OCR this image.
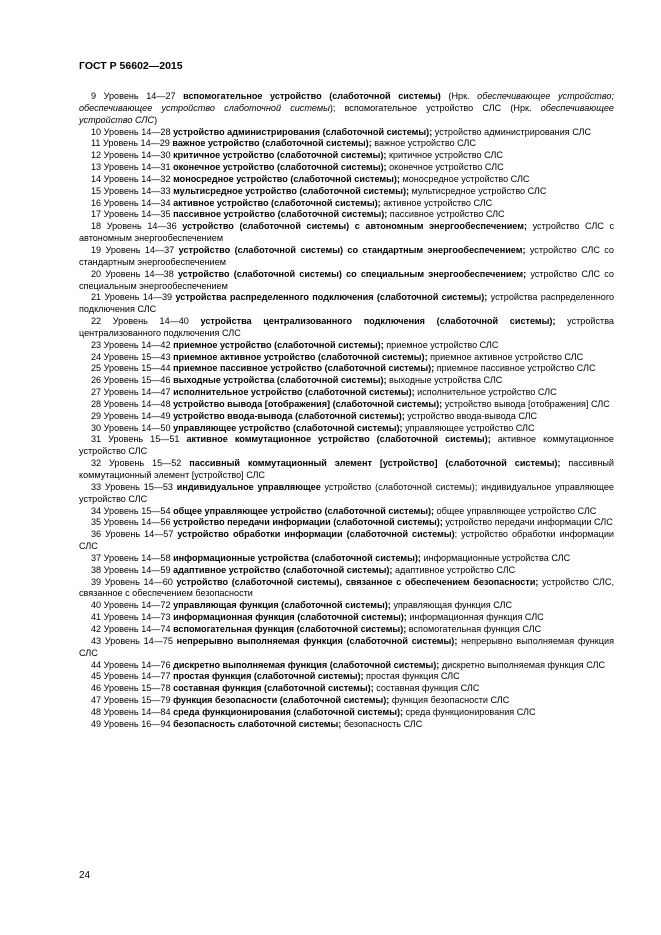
ГОСТ Р 56602—2015
9 Уровень 14—27 вспомогательное устройство (слаботочной системы) (Нрк. обеспечивающее устройство; обеспечивающее устройство слаботочной системы); вспомогательное устройство СЛС (Нрк. обеспечивающее устройство СЛС)
10 Уровень 14—28 устройство администрирования (слаботочной системы); устройство администрирования СЛС
11 Уровень 14—29 важное устройство (слаботочной системы); важное устройство СЛС
12 Уровень 14—30 критичное устройство (слаботочной системы); критичное устройство СЛС
13 Уровень 14—31 оконечное устройство (слаботочной системы); оконечное устройство СЛС
14 Уровень 14—32 моносредное устройство (слаботочной системы); моносредное устройство СЛС
15 Уровень 14—33 мультисредное устройство (слаботочной системы); мультисредное устройство СЛС
16 Уровень 14—34 активное устройство (слаботочной системы); активное устройство СЛС
17 Уровень 14—35 пассивное устройство (слаботочной системы); пассивное устройство СЛС
18 Уровень 14—36 устройство (слаботочной системы) с автономным энергообеспечением; устройство СЛС с автономным энергообеспечением
19 Уровень 14—37 устройство (слаботочной системы) со стандартным энергообеспечением; устройство СЛС со стандартным энергообеспечением
20 Уровень 14—38 устройство (слаботочной системы) со специальным энергообеспечением; устройство СЛС со специальным энергообеспечением
21 Уровень 14—39 устройства распределенного подключения (слаботочной системы); устройства распределенного подключения СЛС
22 Уровень 14—40 устройства централизованного подключения (слаботочной системы); устройства централизованного подключения СЛС
23 Уровень 14—42 приемное устройство (слаботочной системы); приемное устройство СЛС
24 Уровень 15—43 приемное активное устройство (слаботочной системы); приемное активное устройство СЛС
25 Уровень 15—44 приемное пассивное устройство (слаботочной системы); приемное пассивное устройство СЛС
26 Уровень 15—46 выходные устройства (слаботочной системы); выходные устройства СЛС
27 Уровень 14—47 исполнительное устройство (слаботочной системы); исполнительное устройство СЛС
28 Уровень 14—48 устройство вывода [отображения] (слаботочной системы); устройство вывода [отображения] СЛС
29 Уровень 14—49 устройство ввода-вывода (слаботочной системы); устройство ввода-вывода СЛС
30 Уровень 14—50 управляющее устройство (слаботочной системы); управляющее устройство СЛС
31 Уровень 15—51 активное коммутационное устройство (слаботочной системы); активное коммутационное устройство СЛС
32 Уровень 15—52 пассивный коммутационный элемент [устройство] (слаботочной системы); пассивный коммутационный элемент [устройство] СЛС
33 Уровень 15—53 индивидуальное управляющее устройство (слаботочной системы); индивидуальное управляющее устройство СЛС
34 Уровень 15—54 общее управляющее устройство (слаботочной системы); общее управляющее устройство СЛС
35 Уровень 14—56 устройство передачи информации (слаботочной системы); устройство передачи информации СЛС
36 Уровень 14—57 устройство обработки информации (слаботочной системы); устройство обработки информации СЛС
37 Уровень 14—58 информационные устройства (слаботочной системы); информационные устройства СЛС
38 Уровень 14—59 адаптивное устройство (слаботочной системы); адаптивное устройство СЛС
39 Уровень 14—60 устройство (слаботочной системы), связанное с обеспечением безопасности; устройство СЛС, связанное с обеспечением безопасности
40 Уровень 14—72 управляющая функция (слаботочной системы); управляющая функция СЛС
41 Уровень 14—73 информационная функция (слаботочной системы); информационная функция СЛС
42 Уровень 14—74 вспомогательная функция (слаботочной системы); вспомогательная функция СЛС
43 Уровень 14—75 непрерывно выполняемая функция (слаботочной системы); непрерывно выполняемая функция СЛС
44 Уровень 14—76 дискретно выполняемая функция (слаботочной системы); дискретно выполняемая функция СЛС
45 Уровень 14—77 простая функция (слаботочной системы); простая функция СЛС
46 Уровень 15—78 составная функция (слаботочной системы); составная функция СЛС
47 Уровень 15—79 функция безопасности (слаботочной системы); функция безопасности СЛС
48 Уровень 14—84 среда функционирования (слаботочной системы); среда функционирования СЛС
49 Уровень 16—94 безопасность слаботочной системы; безопасность СЛС
24
